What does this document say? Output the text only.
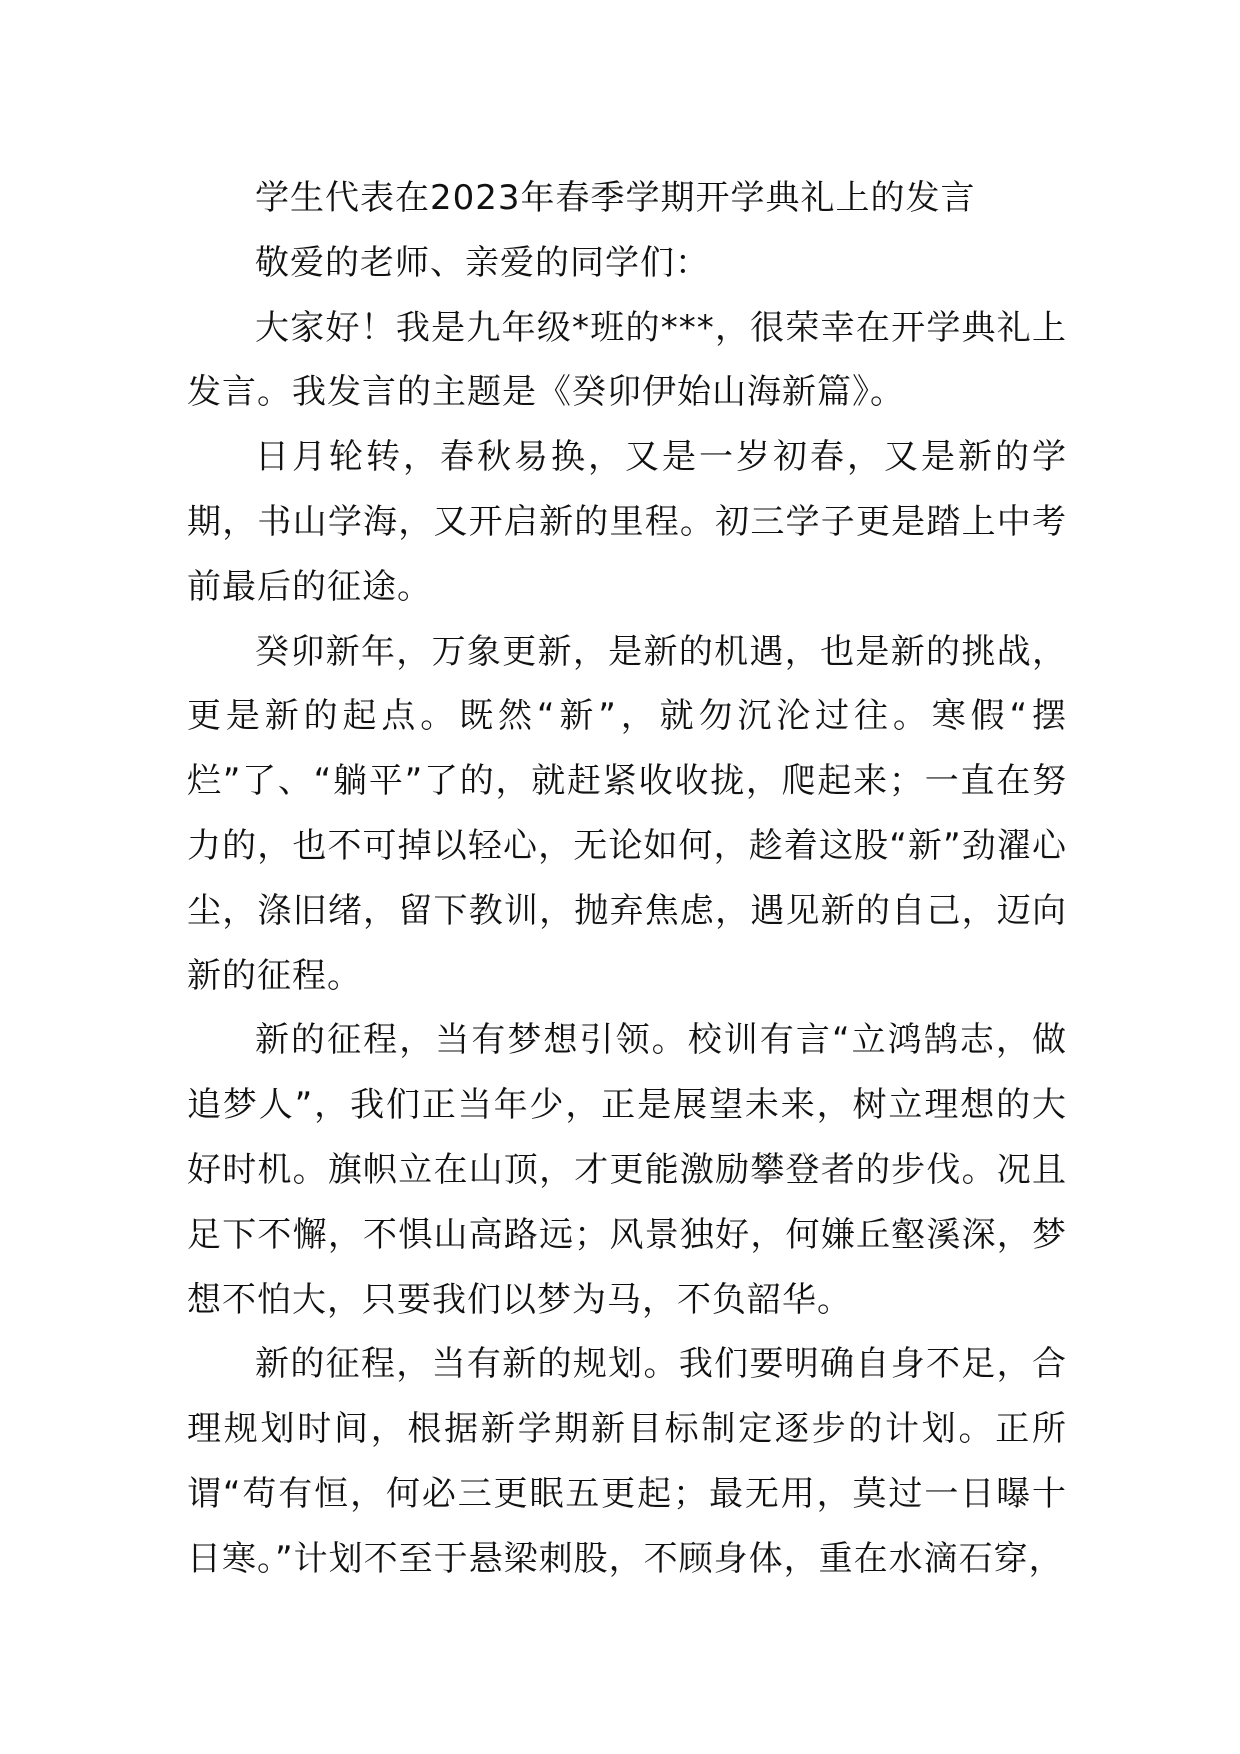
学生代表在2023年春季学期开学典礼上的发言

敬爱的老师、亲爱的同学们：

大家好！我是九年级*班的***，很荣幸在开学典礼上发言。我发言的主题是《癸卯伊始山海新篇》。

日月轮转，春秋易换，又是一岁初春，又是新的学期，书山学海，又开启新的里程。初三学子更是踏上中考前最后的征途。

癸卯新年，万象更新，是新的机遇，也是新的挑战，更是新的起点。既然“新”，就勿沉沦过往。寒假“摆烂”了、“躺平”了的，就赶紧收收拢，爬起来；一直在努力的，也不可掉以轻心，无论如何，趁着这股“新”劲濯心尘，涤旧绪，留下教训，抛弃焦虑，遇见新的自己，迈向新的征程。

新的征程，当有梦想引领。校训有言“立鸿鹄志，做追梦人”，我们正当年少，正是展望未来，树立理想的大好时机。旗帜立在山顶，才更能激励攀登者的步伐。况且足下不懈，不惧山高路远；风景独好，何嫌丘壑溪深，梦想不怕大，只要我们以梦为马，不负韶华。

新的征程，当有新的规划。我们要明确自身不足，合理规划时间，根据新学期新目标制定逐步的计划。正所谓“苟有恒，何必三更眠五更起；最无用，莫过一日曝十日寒。”计划不至于悬梁刺股，不顾身体，重在水滴石穿，
